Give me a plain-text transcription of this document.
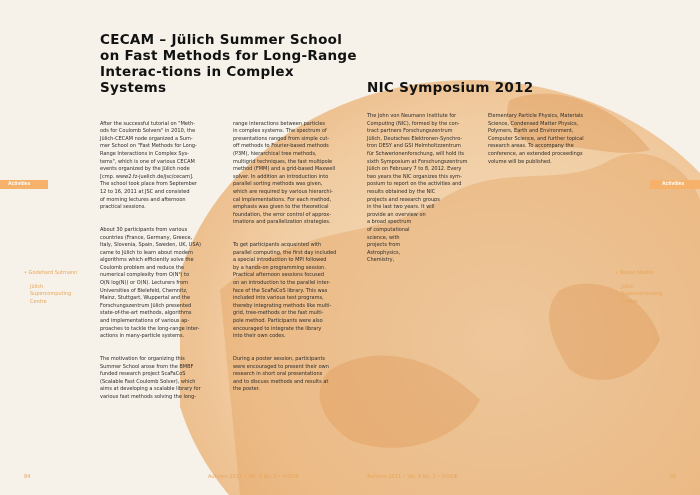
Activities	Activities
CECAM – Jülich Summer School on Fast Methods for Long-Range Interac-tions in Complex Systems

After the successful tutorial on "Meth-
ods for Coulomb Solvers" in 2010, the
Jülich-CECAM node organized a Sum-
mer School on "Fast Methods for Long-
Range Interactions in Complex Sys-
tems", which is one of various CECAM
events organized by the Jülich node
[cmp. www2.fz-juelich.de/jsc/cecam].
The school took place from September
12 to 16, 2011 at JSC and consisted
of morning lectures and afternoon
practical sessions.

About 30 participants from various
countries (France, Germany, Greece,
Italy, Slovenia, Spain, Sweden, UK, USA)
came to Jülich to learn about modern
algorithms which efficiently solve the
Coulomb problem and reduce the
numerical complexity from O(N²) to
O(N log(N)) or O(N). Lecturers from
Universities of Bielefeld, Chemnitz,
Mainz, Stuttgart, Wuppertal and the
Forschungszentrum Jülich presented
state-of-the-art methods, algorithms
and implementations of various ap-
proaches to tackle the long-range inter-
actions in many-particle systems.

The motivation for organizing this
Summer School arose from the BMBF
funded research project ScaFaCoS
(Scalable Fast Coulomb Solver), which
aims at developing a scalable library for
various fast methods solving the long-

range interactions between particles
in complex systems. The spectrum of
presentations ranged from simple cut-
off methods to Fourier-based methods
(P3M), hierarchical tree methods,
multigrid techniques, the fast multipole
method (FMM) and a grid-based Maxwell
solver. In addition an introduction into
parallel sorting methods was given,
which are required by various hierarchi-
cal implementations. For each method,
emphasis was given to the theoretical
foundation, the error control of approx-
imations and parallelization strategies.

To get participants acquainted with
parallel computing, the first day included
a special introduction to MPI followed
by a hands-on programming session.
Practical afternoon sessions focused
on an introduction to the parallel inter-
face of the ScaFaCoS library. This was
included into various test programs,
thereby integrating methods like multi-
grid, tree-methods or the fast multi-
pole method. Participants were also
encouraged to integrate the library
into their own codes.

During a poster session, participants
were encouraged to present their own
research in short oral presentations
and to discuss methods and results at
the poster.

• Godehard Sutmann
Jülich
Supercomputing
Centre
NIC Symposium 2012
The John von Neumann Institute for
Computing (NIC), formed by the con-
tract partners Forschungszentrum
Jülich, Deutsches Elektronen-Synchro-
tron DESY and GSI Helmholtzzentrum
für Schwerionenforschung, will hold its
sixth Symposium at Forschungszentrum
Jülich on February 7 to 8, 2012. Every
two years the NIC organizes this sym-
posium to report on the activities and
results obtained by the NIC
projects and research groups
in the last two years. It will
provide an overview on
a broad spectrum
of computational
science, with
projects from
Astrophysics,
Chemistry,
Elementary Particle Physics, Materials
Science, Condensed Matter Physics,
Polymers, Earth and Environment,
Computer Science, and further topical
research areas. To accompany the
conference, an extended proceedings
volume will be published.
• Walter Nadler
Jülich
Supercomputing
Centre
84	Autumn 2011 • Vol. 9 No. 2 • inSiDE	Autumn 2011 • Vol. 9 No. 2 • inSiDE	85
